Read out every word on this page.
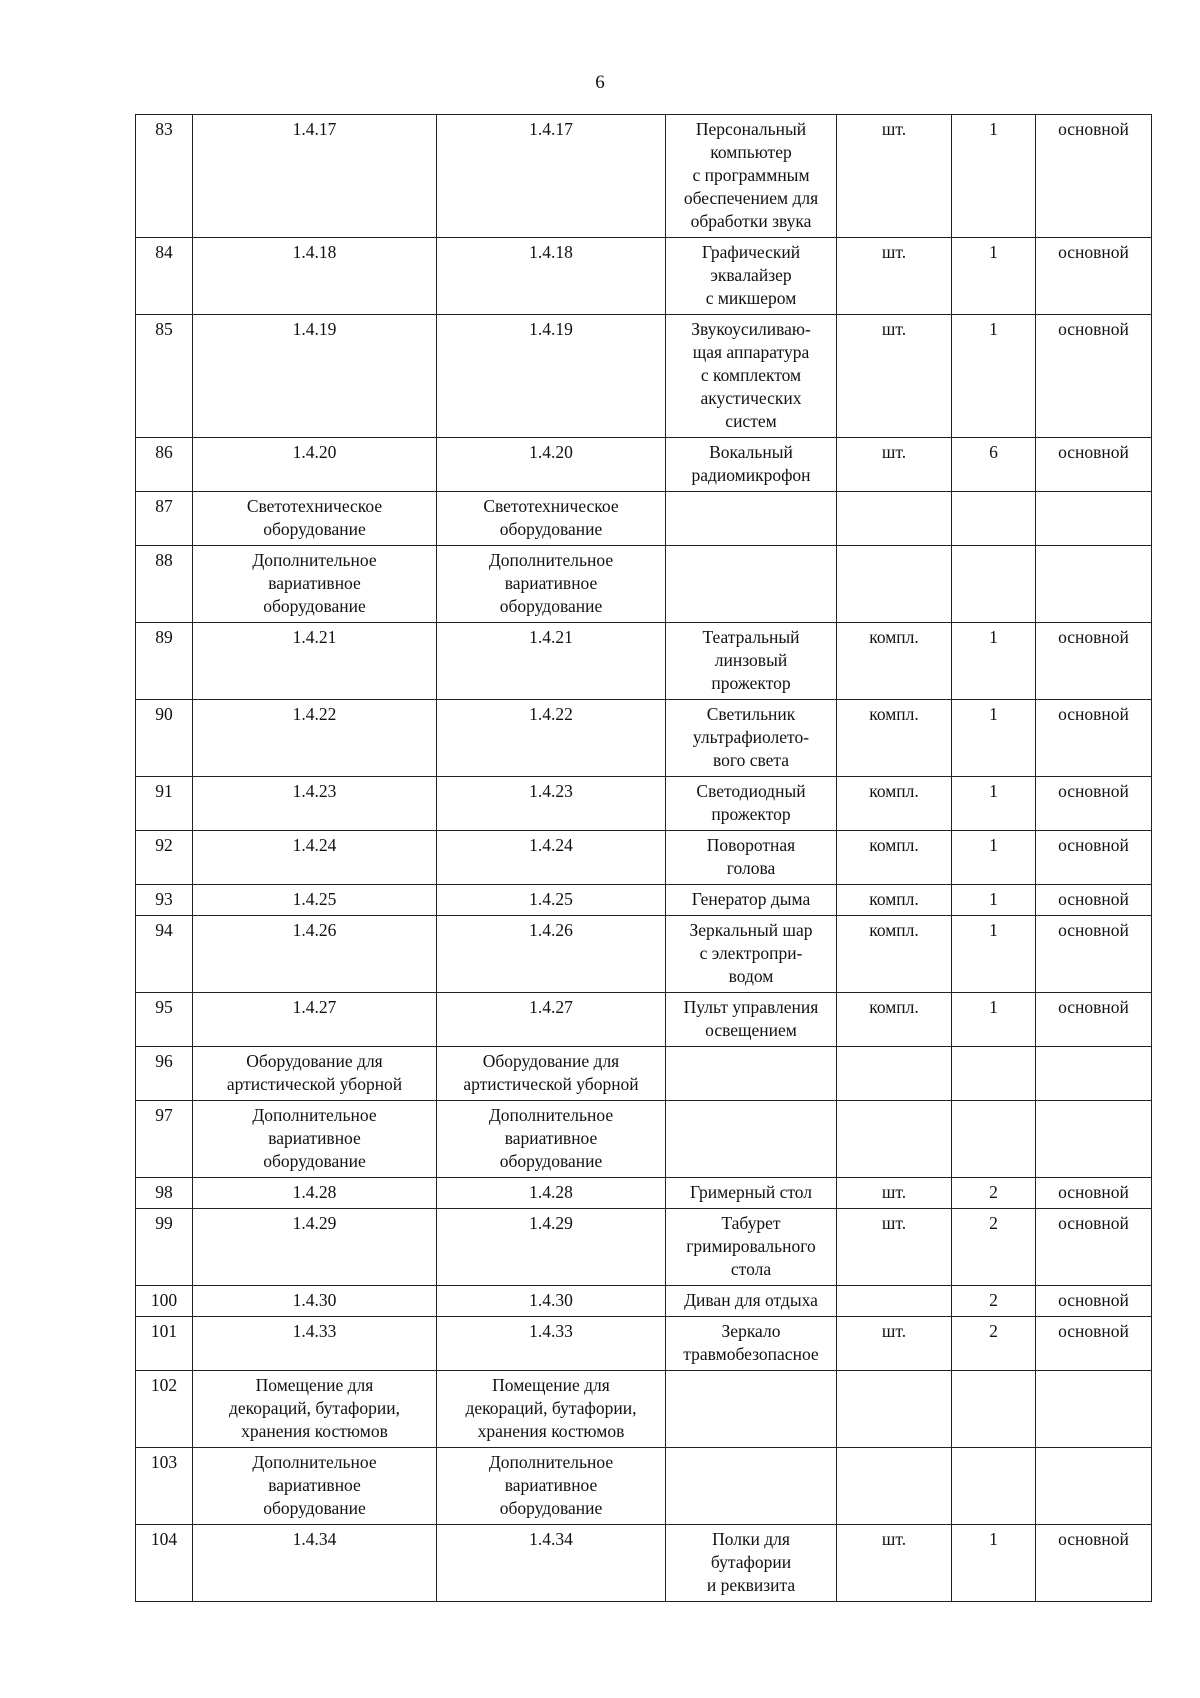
6
83	1.4.17	1.4.17	Персональный
компьютер
с программным
обеспечением для
обработки звука	шт.	1	основной
84	1.4.18	1.4.18	Графический
эквалайзер
с микшером	шт.	1	основной
85	1.4.19	1.4.19	Звукоусиливаю-
щая аппаратура
с комплектом
акустических
систем	шт.	1	основной
86	1.4.20	1.4.20	Вокальный
радиомикрофон	шт.	6	основной
87	Светотехническое
оборудование	Светотехническое
оборудование				
88	Дополнительное
вариативное
оборудование	Дополнительное
вариативное
оборудование				
89	1.4.21	1.4.21	Театральный
линзовый
прожектор	компл.	1	основной
90	1.4.22	1.4.22	Светильник
ультрафиолето-
вого света	компл.	1	основной
91	1.4.23	1.4.23	Светодиодный
прожектор	компл.	1	основной
92	1.4.24	1.4.24	Поворотная
голова	компл.	1	основной
93	1.4.25	1.4.25	Генератор дыма	компл.	1	основной
94	1.4.26	1.4.26	Зеркальный шар
с электропри-
водом	компл.	1	основной
95	1.4.27	1.4.27	Пульт управления
освещением	компл.	1	основной
96	Оборудование для
артистической уборной	Оборудование для
артистической уборной				
97	Дополнительное
вариативное
оборудование	Дополнительное
вариативное
оборудование				
98	1.4.28	1.4.28	Гримерный стол	шт.	2	основной
99	1.4.29	1.4.29	Табурет
гримировального
стола	шт.	2	основной
100	1.4.30	1.4.30	Диван для отдыха		2	основной
101	1.4.33	1.4.33	Зеркало
травмобезопасное	шт.	2	основной
102	Помещение для
декораций, бутафории,
хранения костюмов	Помещение для
декораций, бутафории,
хранения костюмов				
103	Дополнительное
вариативное
оборудование	Дополнительное
вариативное
оборудование				
104	1.4.34	1.4.34	Полки для
бутафории
и реквизита	шт.	1	основной
